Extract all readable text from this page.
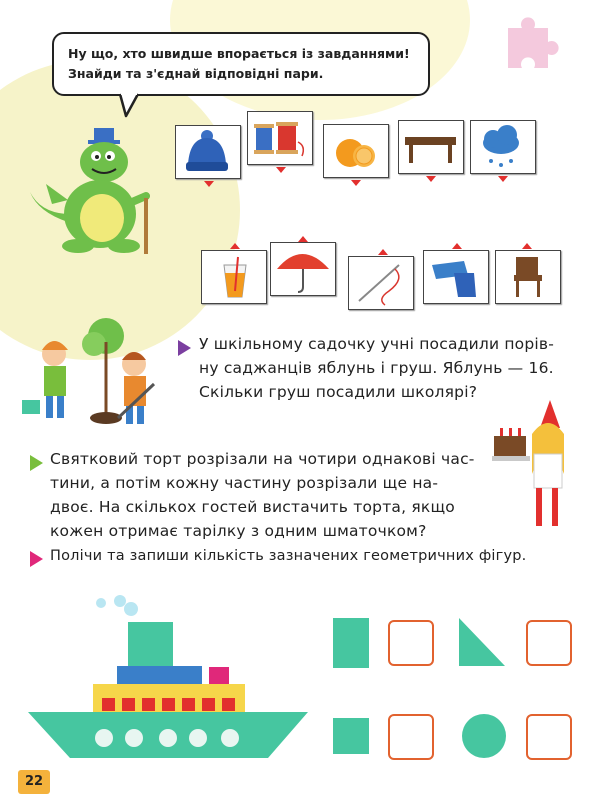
Ну що, хто швидше впорається із завданнями!
Знайди та з'єднай відповідні пари.
У шкільному садочку учні посадили порів-
ну саджанців яблунь і груш. Яблунь — 16.
Скільки груш посадили школярі?
Святковий торт розрізали на чотири однакові час-
тини, а потім кожну частину розрізали ще на-
двоє. На скількох гостей вистачить торта, якщо
кожен отримає тарілку з одним шматочком?
Полічи та запиши кількість зазначених геометричних фігур.
22
